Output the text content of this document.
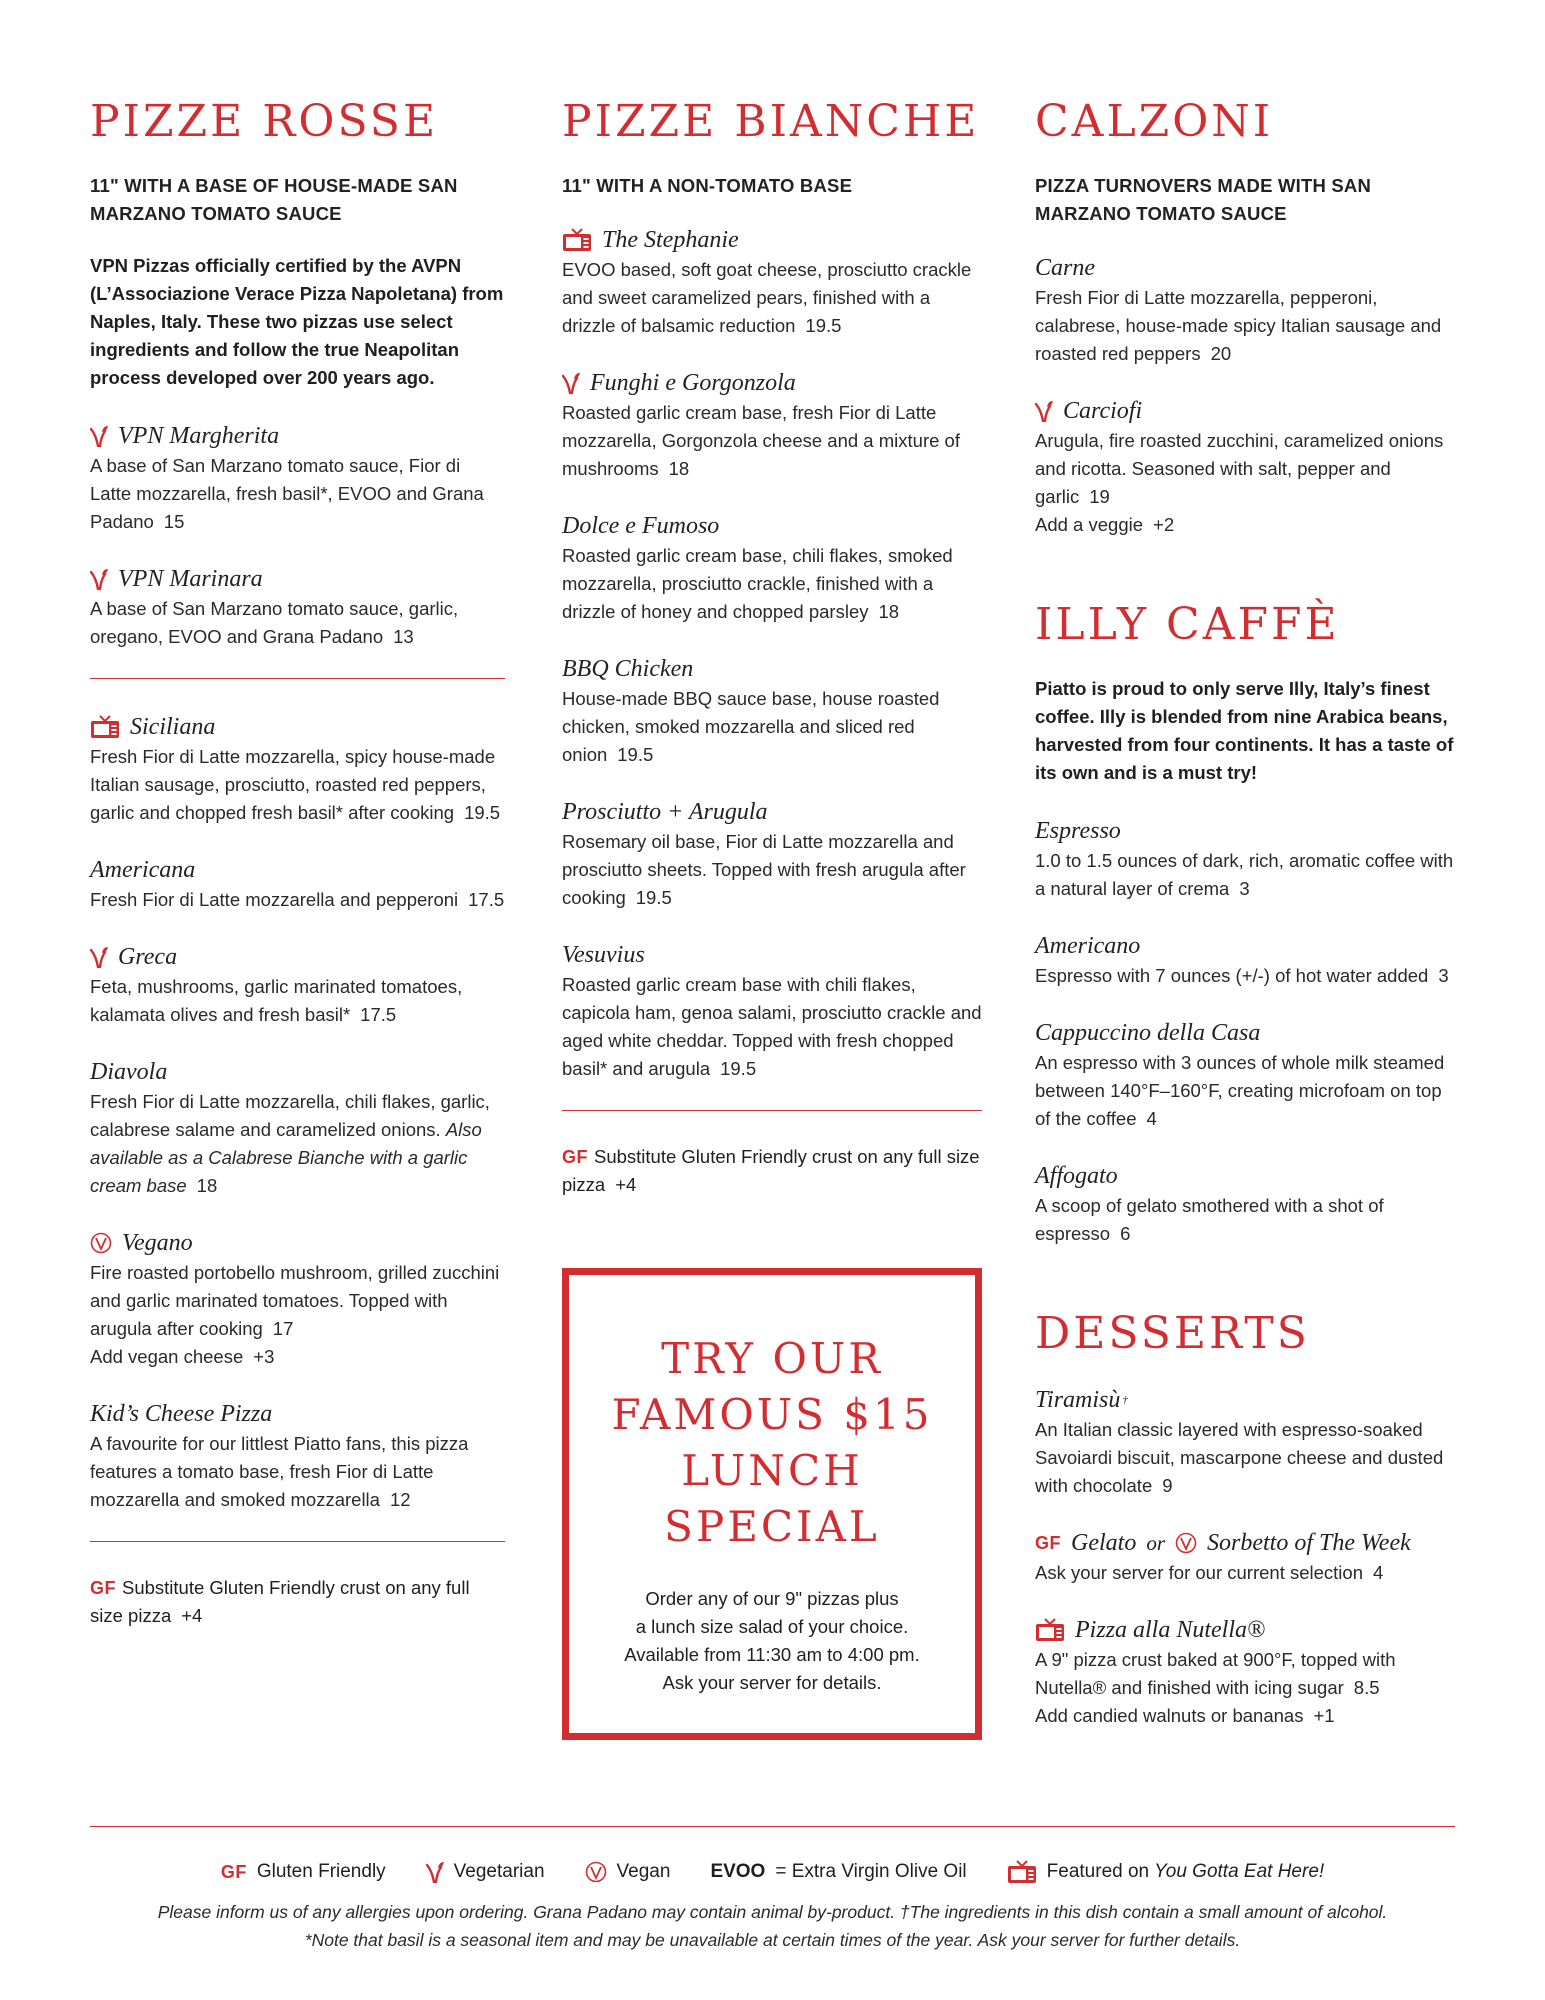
PIZZE ROSSE
11" WITH A BASE OF HOUSE-MADE SAN MARZANO TOMATO SAUCE
VPN Pizzas officially certified by the AVPN (L’Associazione Verace Pizza Napoletana) from Naples, Italy. These two pizzas use select ingredients and follow the true Neapolitan process developed over 200 years ago.
VPN Margherita
A base of San Marzano tomato sauce, Fior di Latte mozzarella, fresh basil*, EVOO and Grana Padano 15
VPN Marinara
A base of San Marzano tomato sauce, garlic, oregano, EVOO and Grana Padano 13
Siciliana
Fresh Fior di Latte mozzarella, spicy house-made Italian sausage, prosciutto, roasted red peppers, garlic and chopped fresh basil* after cooking 19.5
Americana
Fresh Fior di Latte mozzarella and pepperoni 17.5
Greca
Feta, mushrooms, garlic marinated tomatoes, kalamata olives and fresh basil* 17.5
Diavola
Fresh Fior di Latte mozzarella, chili flakes, garlic, calabrese salame and caramelized onions. Also available as a Calabrese Bianche with a garlic cream base 18
Vegano
Fire roasted portobello mushroom, grilled zucchini and garlic marinated tomatoes. Topped with arugula after cooking 17
Add vegan cheese +3
Kid’s Cheese Pizza
A favourite for our littlest Piatto fans, this pizza features a tomato base, fresh Fior di Latte mozzarella and smoked mozzarella 12
GF Substitute Gluten Friendly crust on any full size pizza +4
PIZZE BIANCHE
11" WITH A NON-TOMATO BASE
The Stephanie
EVOO based, soft goat cheese, prosciutto crackle and sweet caramelized pears, finished with a drizzle of balsamic reduction 19.5
Funghi e Gorgonzola
Roasted garlic cream base, fresh Fior di Latte mozzarella, Gorgonzola cheese and a mixture of mushrooms 18
Dolce e Fumoso
Roasted garlic cream base, chili flakes, smoked mozzarella, prosciutto crackle, finished with a drizzle of honey and chopped parsley 18
BBQ Chicken
House-made BBQ sauce base, house roasted chicken, smoked mozzarella and sliced red onion 19.5
Prosciutto + Arugula
Rosemary oil base, Fior di Latte mozzarella and prosciutto sheets. Topped with fresh arugula after cooking 19.5
Vesuvius
Roasted garlic cream base with chili flakes, capicola ham, genoa salami, prosciutto crackle and aged white cheddar. Topped with fresh chopped basil* and arugula 19.5
GF Substitute Gluten Friendly crust on any full size pizza +4
TRY OUR FAMOUS $15 LUNCH SPECIAL
Order any of our 9" pizzas plus
a lunch size salad of your choice.
Available from 11:30 am to 4:00 pm.
Ask your server for details.
CALZONI
PIZZA TURNOVERS MADE WITH SAN MARZANO TOMATO SAUCE
Carne
Fresh Fior di Latte mozzarella, pepperoni, calabrese, house-made spicy Italian sausage and roasted red peppers 20
Carciofi
Arugula, fire roasted zucchini, caramelized onions and ricotta. Seasoned with salt, pepper and garlic 19
Add a veggie +2
ILLY CAFFÈ
Piatto is proud to only serve Illy, Italy’s finest coffee. Illy is blended from nine Arabica beans, harvested from four continents. It has a taste of its own and is a must try!
Espresso
1.0 to 1.5 ounces of dark, rich, aromatic coffee with a natural layer of crema 3
Americano
Espresso with 7 ounces (+/-) of hot water added 3
Cappuccino della Casa
An espresso with 3 ounces of whole milk steamed between 140°F–160°F, creating microfoam on top of the coffee 4
Affogato
A scoop of gelato smothered with a shot of espresso 6
DESSERTS
Tiramisù †
An Italian classic layered with espresso-soaked Savoiardi biscuit, mascarpone cheese and dusted with chocolate 9
GF Gelato or Sorbetto of The Week
Ask your server for our current selection 4
Pizza alla Nutella®
A 9" pizza crust baked at 900°F, topped with Nutella® and finished with icing sugar 8.5
Add candied walnuts or bananas +1
GF Gluten Friendly	Vegetarian	Vegan EVOO = Extra Virgin Olive Oil	Featured on You Gotta Eat Here!
Please inform us of any allergies upon ordering. Grana Padano may contain animal by-product. †The ingredients in this dish contain a small amount of alcohol.
*Note that basil is a seasonal item and may be unavailable at certain times of the year. Ask your server for further details.
